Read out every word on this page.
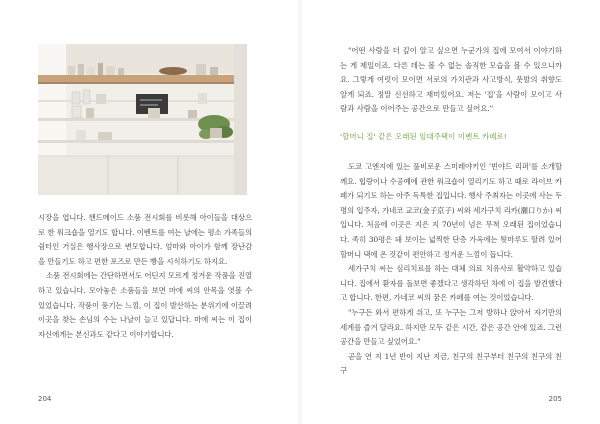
시장을 엽니다. 핸드메이드 소품 전시회를 비롯해 아이들을 대상으로 한 워크숍을 열기도 합니다. 이벤트를 여는 날에는 평소 가족들의 쉼터인 거실은 행사장으로 변모합니다. 엄마와 아이가 함께 장난감을 만들기도 하고 편한 포즈로 만든 빵을 시식하기도 하지요.

소품 전시회에는 간단하면서도 어딘지 모르게 정겨운 작품을 진열하고 있습니다. 모아놓은 소품들을 보면 마에 씨의 안목을 엿볼 수 있었습니다. 작품이 풍기는 느낌, 이 집이 발산하는 분위기에 이끌려 이곳을 찾는 손님의 수는 나날이 늘고 있답니다. 마에 씨는 이 집이 자신에게는 본신과도 같다고 이야기합니다.

204

"어떤 사람을 더 깊이 알고 싶으면 누군가의 집에 모여서 이야기하는 게 제일이죠. 다른 데는 볼 수 없는 솔직한 모습을 볼 수 있으니까요. 그렇게 여럿이 모이면 서로의 가치관과 사고방식, 풋발의 취향도 알게 되죠. 정말 신선하고 재미있어요. 저는 '집'을 사람이 모이고 사람과 사람을 이어주는 공간으로 만들고 싶어요."

'할머니 집' 같은 오래된 임대주택이 이벤트 카페로!

도쿄 고엔지에 있는 풀비로운 스미레야키인 '빈야드 리퍼'를 소개할께요. 힙랑이나 수공예에 관한 워크숍이 열리기도 하고 때로 라이브 카페가 되기도 하는 아주 독특한 집입니다. 행사 주최자는 이곳에 사는 두 명의 입주자, 가네코 교코(金子京子) 씨와 세가구치 리카(瀬口りか) 씨입니다. 처음에 이곳은 지은 지 70년이 넘은 무척 오래된 집이었습니다. 족히 30평은 돼 보이는 넓찍한 단층 가옥에는 툇마루도 딸려 있어 할머니 댁에 온 것같이 편안하고 정겨운 느낌이 듭니다.

세가구치 씨는 심리치료를 하는 대체 의료 치유사로 활약하고 있습니다. 집에서 환자를 돌보면 좋겠다고 생각하던 차에 이 집을 발견했다고 합니다. 한편, 가네코 씨의 꿈은 카페를 여는 것이었습니다.

"누구든 와서 편하게 쉬고, 또 누구는 그저 방하나 앉아서 자기만의 세계를 즐겨 달라요. 하지만 모두 같은 시간, 같은 공간 안에 있죠. 그런 공간을 만들고 싶었어요."

곧을 연 지 1년 반이 지난 지금, 친구의 친구부터 친구의 친구의 친구

205
